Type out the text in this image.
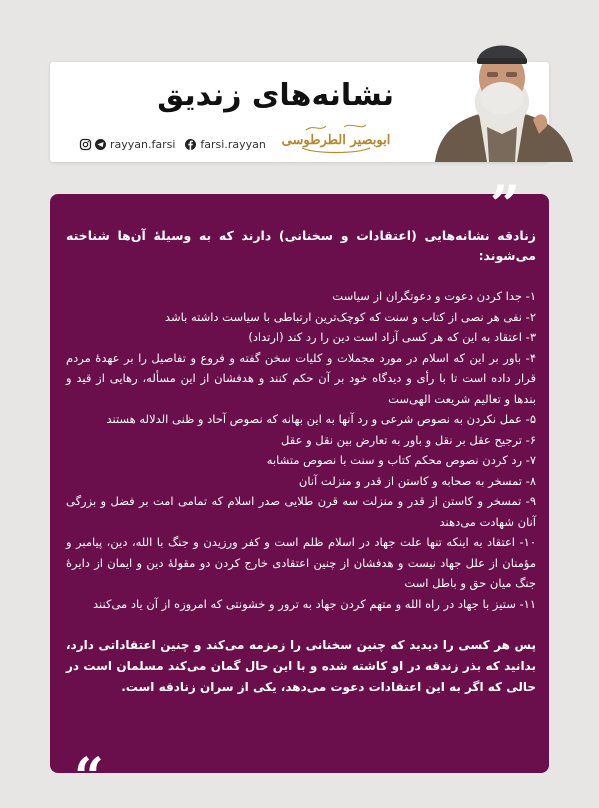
نشانه‌های زندیق
ابوبصیر الطرطوسی
rayyan.farsi farsi.rayyan
”
“

زنادقه نشانه‌هایی (اعتقادات و سخنانی) دارند که به وسیلهٔ آن‌ها شناخته می‌شوند:

۱- جدا کردن دعوت و دعوتگران از سیاست

۲- نفی هر نصی از کتاب و سنت که کوچک‌ترین ارتباطی با سیاست داشته باشد

۳- اعتقاد به این که هر کسی آزاد است دین را رد کند (ارتداد)

۴- باور بر این که اسلام در مورد مجملات و کلیات سخن گفته و فروع و تفاصیل را بر عهدهٔ مردم قرار داده است تا با رأی و دیدگاه خود بر آن حکم کنند و هدفشان از این مسأله، رهایی از قید و بندها و تعالیم شریعت الهی‌ست

۵- عمل نکردن به نصوص شرعی و رد آنها به این بهانه که نصوص آحاد و ظنی الدلاله هستند

۶- ترجیح عقل بر نقل و باور به تعارض بین نقل و عقل

۷- رد کردن نصوص محکم کتاب و سنت با نصوص متشابه

۸- تمسخر به صحابه و کاستن از قدر و منزلت آنان

۹- تمسخر و کاستن از قدر و منزلت سه قرن طلایی صدر اسلام که تمامی امت بر فضل و بزرگی آنان شهادت می‌دهند

۱۰- اعتقاد به اینکه تنها علت جهاد در اسلام ظلم است و کفر ورزیدن و جنگ با الله، دین، پیامبر و مؤمنان از علل جهاد نیست و هدفشان از چنین اعتقادی خارج کردن دو مقولهٔ دین و ایمان از دایرهٔ جنگ میان حق و باطل است

۱۱- ستیز با جهاد در راه الله و متهم کردن جهاد به ترور و خشونتی که امروزه از آن یاد می‌کنند

پس هر کسی را دیدید که چنین سخنانی را زمزمه می‌کند و چنین اعتقاداتی دارد، بدانید که بذر زندقه در او کاشته شده و با این حال گمان می‌کند مسلمان است در حالی که اگر به این اعتقادات دعوت می‌دهد، یکی از سران زنادقه است.
